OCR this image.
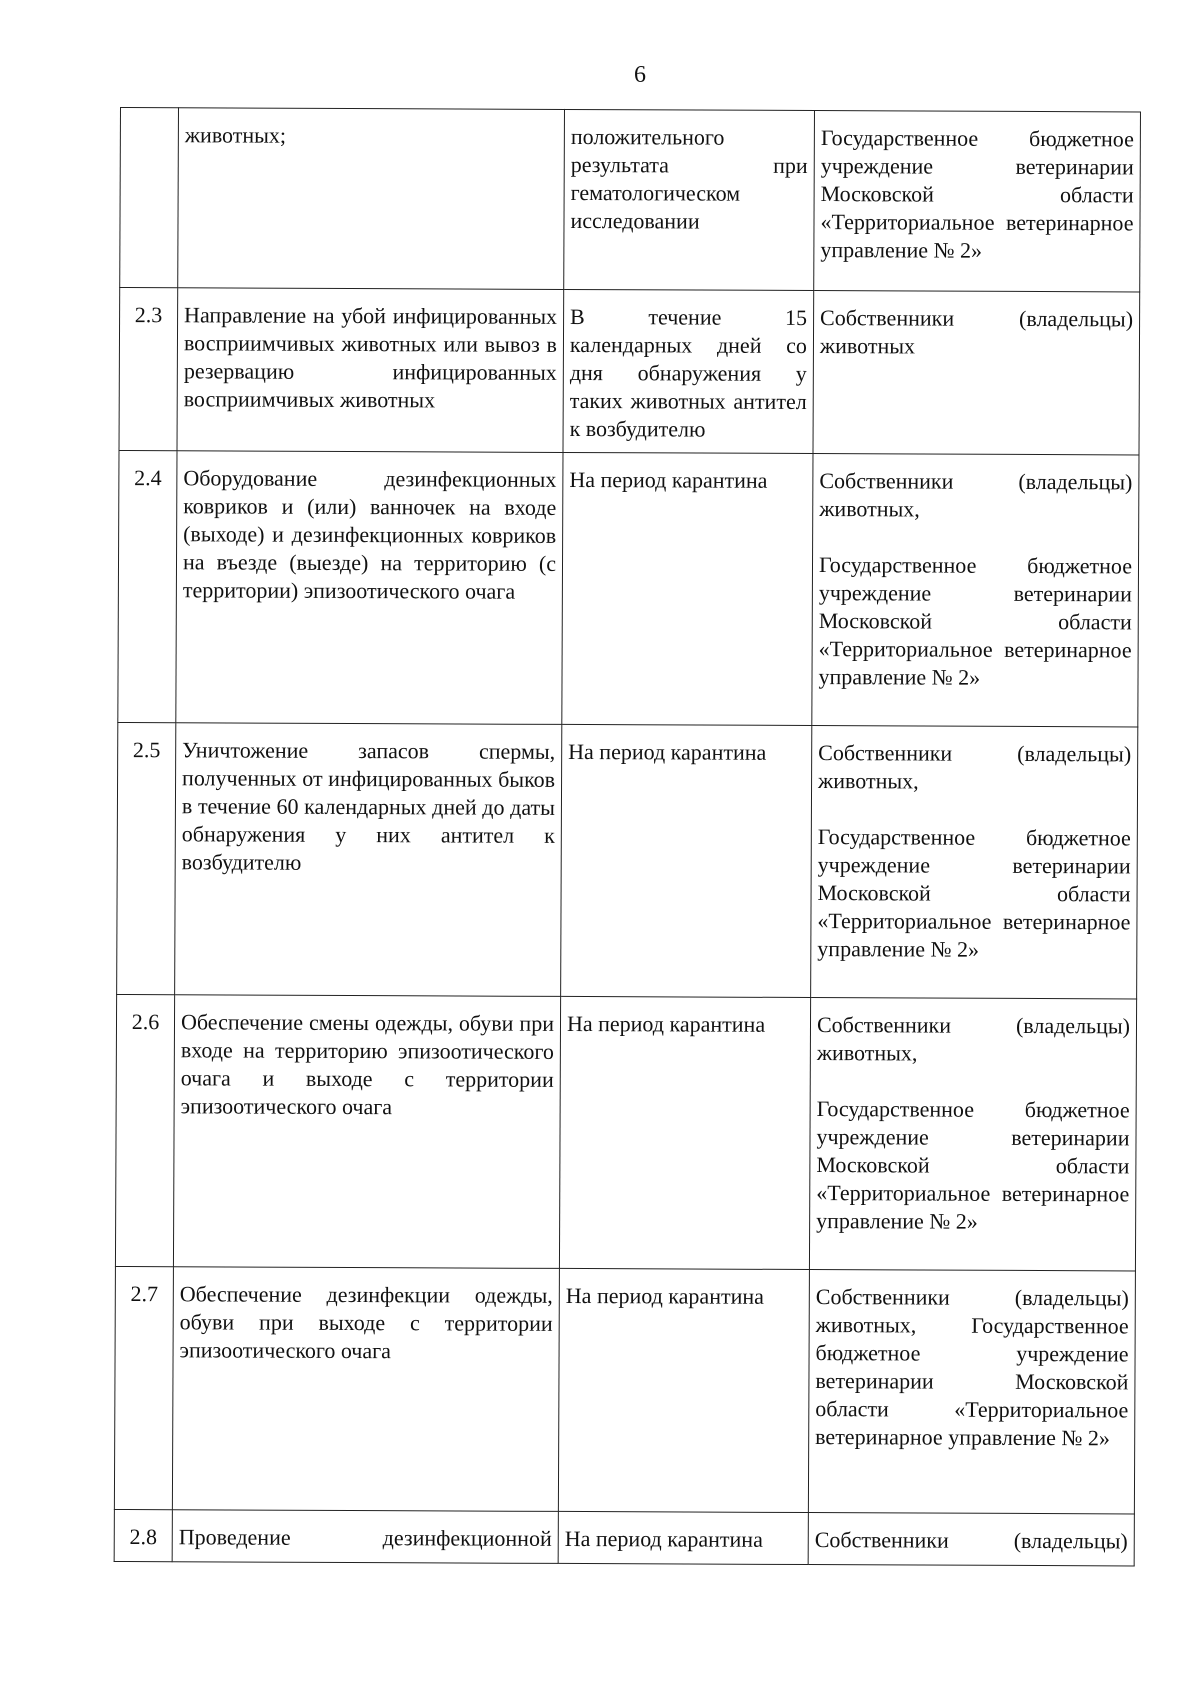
6

	животных;	положительного результата при гематологическом исследовании	Государственное бюджетное учреждение ветеринарии Московской области «Территориальное ветеринарное управление № 2»

2.3	Направление на убой инфицированных восприимчивых животных или вывоз в резервацию инфицированных восприимчивых животных	В течение 15 календарных дней со дня обнаружения у таких животных антител к возбудителю	Собственники (владельцы) животных

2.4	Оборудование дезинфекционных ковриков и (или) ванночек на входе (выходе) и дезинфекционных ковриков на въезде (выезде) на территорию (с территории) эпизоотического очага	На период карантина	Собственники (владельцы) животных,
Государственное бюджетное учреждение ветеринарии Московской области «Территориальное ветеринарное управление № 2»

2.5	Уничтожение запасов спермы, полученных от инфицированных быков в течение 60 календарных дней до даты обнаружения у них антител к возбудителю	На период карантина	Собственники (владельцы) животных,
Государственное бюджетное учреждение ветеринарии Московской области «Территориальное ветеринарное управление № 2»

2.6	Обеспечение смены одежды, обуви при входе на территорию эпизоотического очага и выходе с территории эпизоотического очага	На период карантина	Собственники (владельцы) животных,
Государственное бюджетное учреждение ветеринарии Московской области «Территориальное ветеринарное управление № 2»

2.7	Обеспечение дезинфекции одежды, обуви при выходе с территории эпизоотического очага	На период карантина	Собственники (владельцы) животных, Государственное бюджетное учреждение ветеринарии Московской области «Территориальное ветеринарное управление № 2»

2.8	Проведение дезинфекционной	На период карантина	Собственники (владельцы)
